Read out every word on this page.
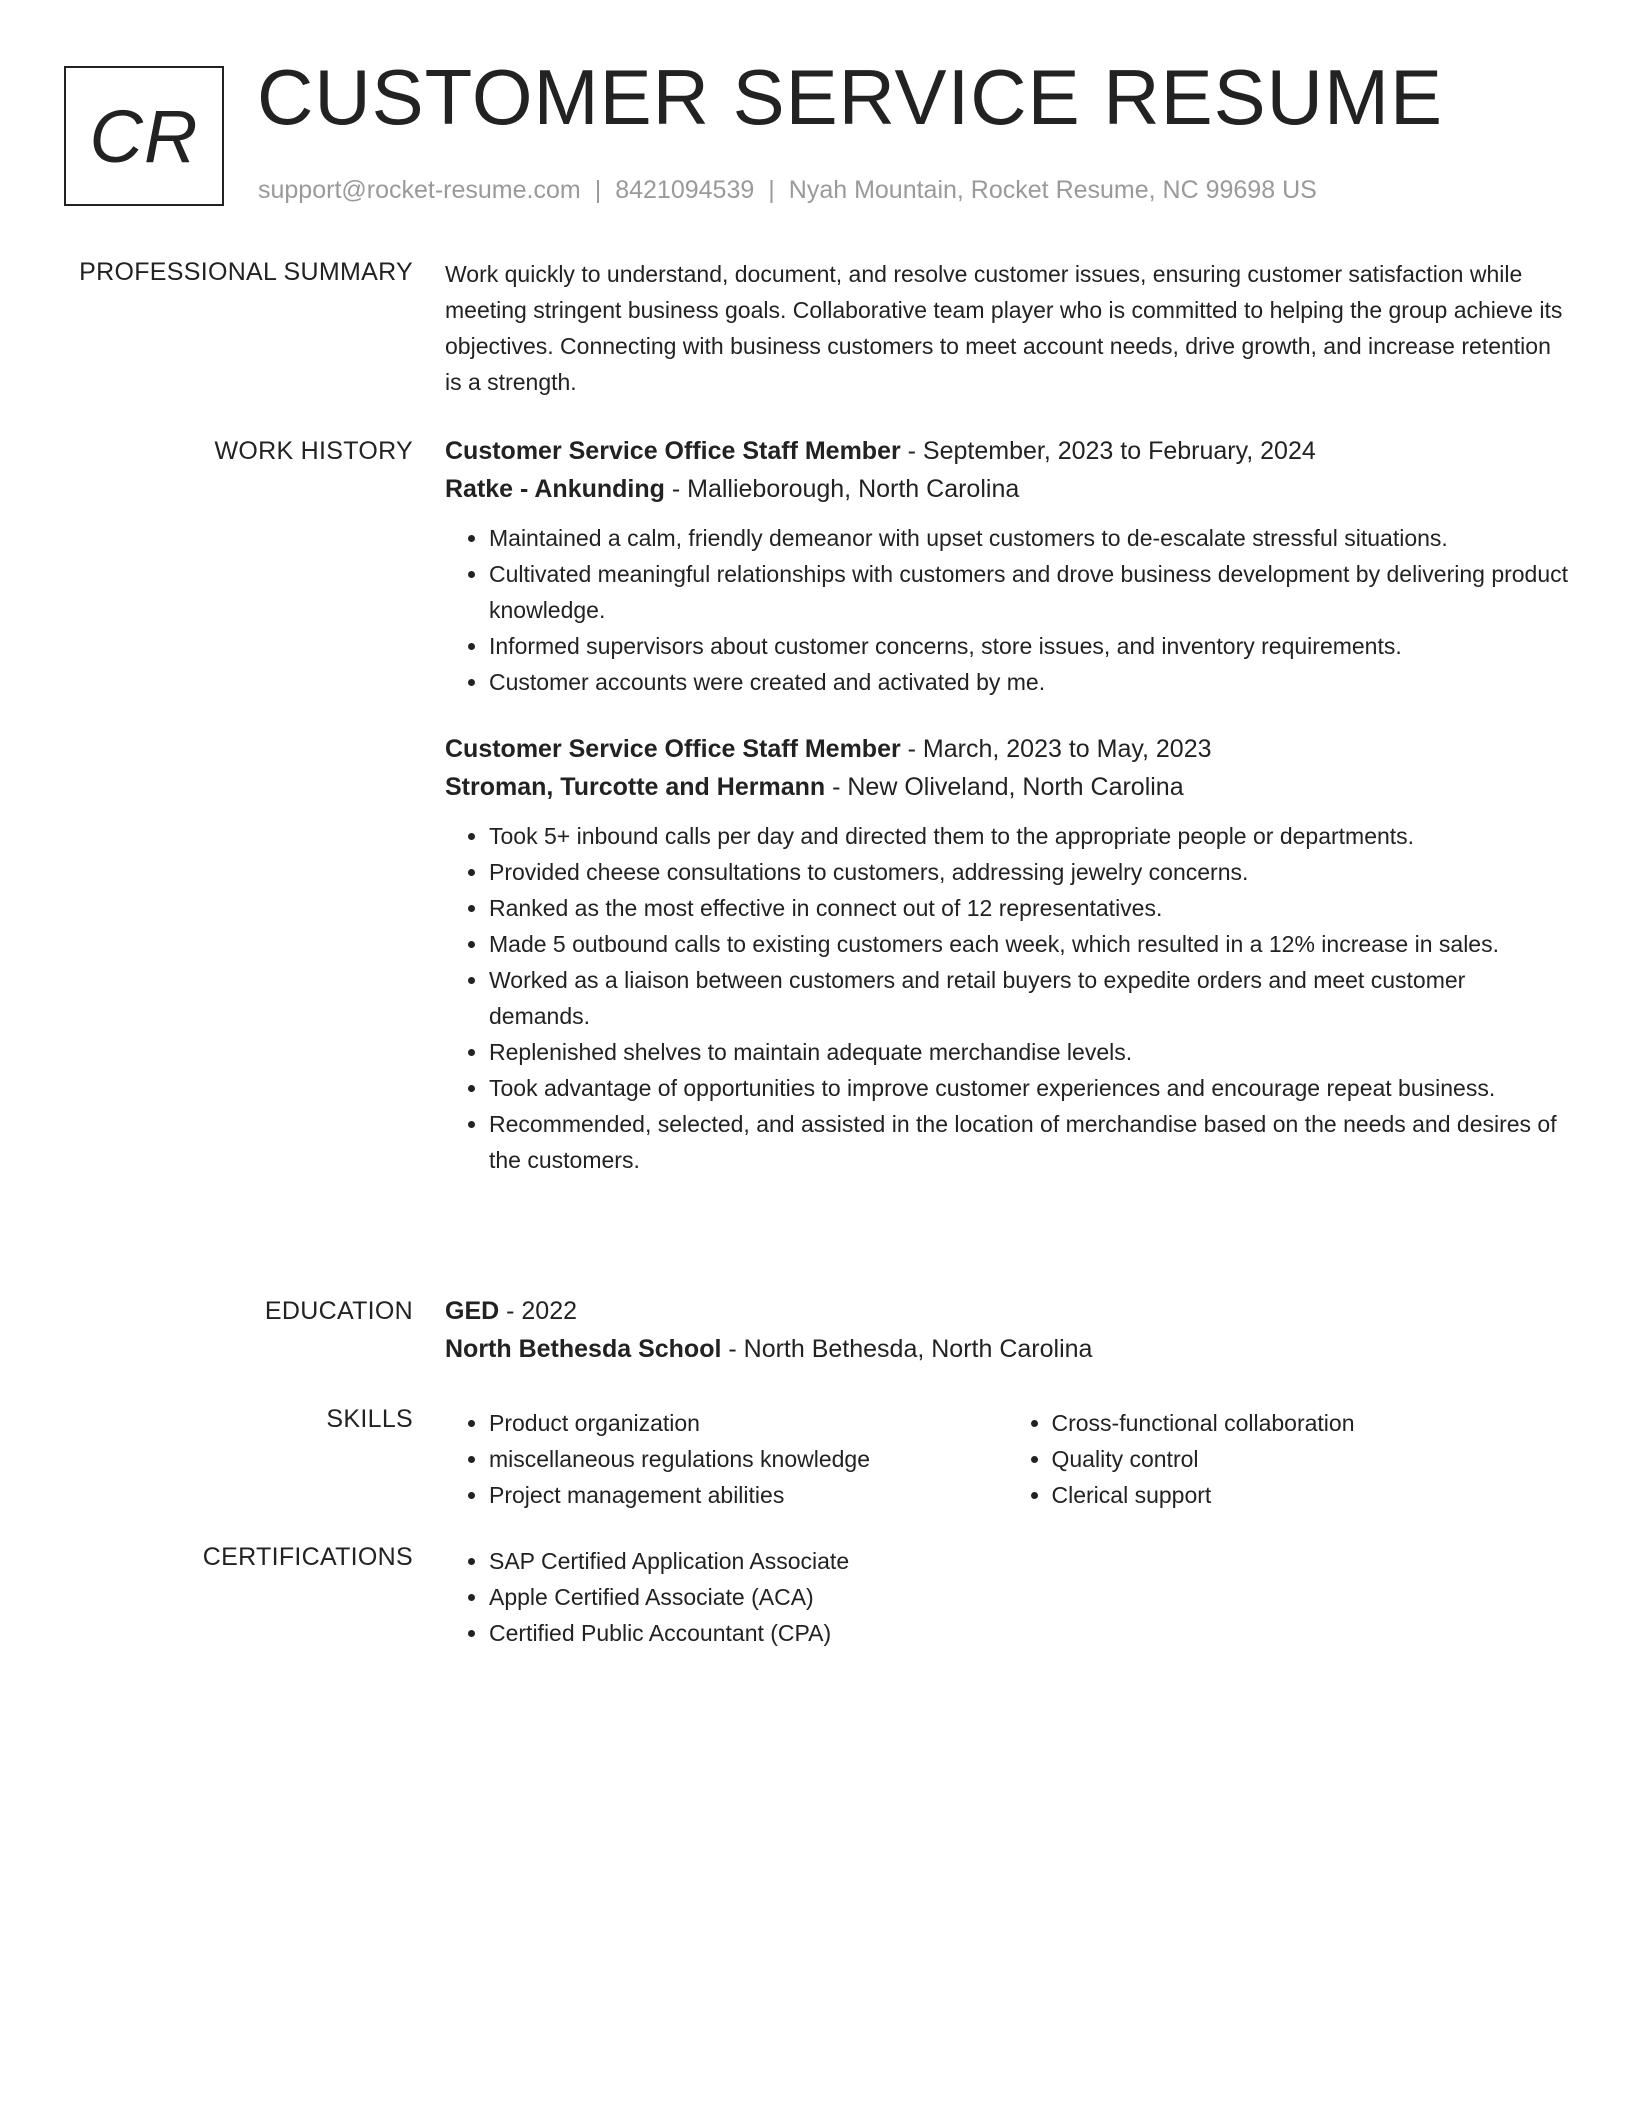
CR CUSTOMER SERVICE RESUME
support@rocket-resume.com | 8421094539 | Nyah Mountain, Rocket Resume, NC 99698 US
PROFESSIONAL SUMMARY Work quickly to understand, document, and resolve customer issues, ensuring customer satisfaction while meeting stringent business goals. Collaborative team player who is committed to helping the group achieve its objectives. Connecting with business customers to meet account needs, drive growth, and increase retention is a strength.

WORK HISTORY Customer Service Office Staff Member - September, 2023 to February, 2024
Ratke - Ankunding - Mallieborough, North Carolina
• Maintained a calm, friendly demeanor with upset customers to de-escalate stressful situations.
• Cultivated meaningful relationships with customers and drove business development by delivering product knowledge.
• Informed supervisors about customer concerns, store issues, and inventory requirements.
• Customer accounts were created and activated by me.
Customer Service Office Staff Member - March, 2023 to May, 2023
Stroman, Turcotte and Hermann - New Oliveland, North Carolina
• Took 5+ inbound calls per day and directed them to the appropriate people or departments.
• Provided cheese consultations to customers, addressing jewelry concerns.
• Ranked as the most effective in connect out of 12 representatives.
• Made 5 outbound calls to existing customers each week, which resulted in a 12% increase in sales.
• Worked as a liaison between customers and retail buyers to expedite orders and meet customer demands.
• Replenished shelves to maintain adequate merchandise levels.
• Took advantage of opportunities to improve customer experiences and encourage repeat business.
• Recommended, selected, and assisted in the location of merchandise based on the needs and desires of the customers.
EDUCATION GED - 2022
North Bethesda School - North Bethesda, North Carolina
SKILLS	• Product organization
• miscellaneous regulations knowledge
• Project management abilities
• Cross-functional collaboration
• Quality control
• Clerical support
CERTIFICATIONS	• SAP Certified Application Associate
• Apple Certified Associate (ACA)
• Certified Public Accountant (CPA)
